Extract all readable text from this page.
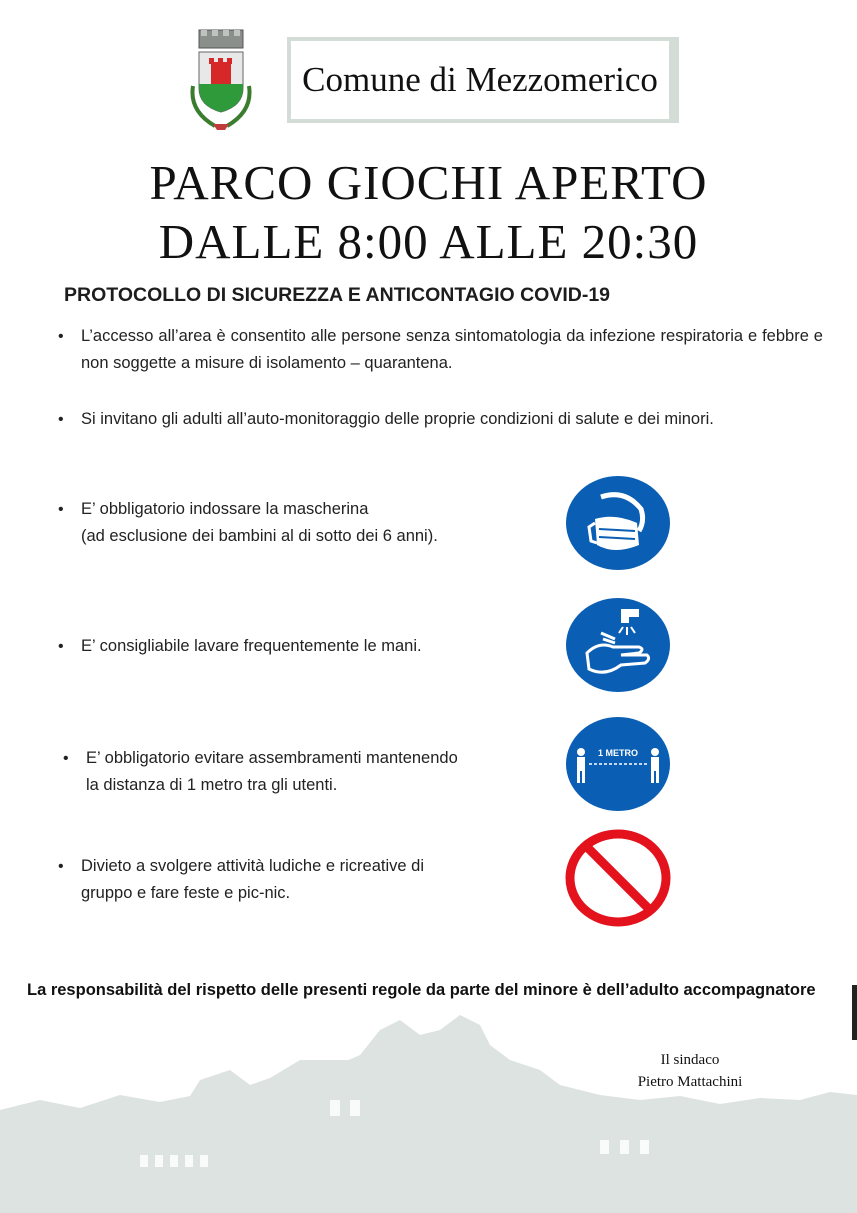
Comune di Mezzomerico
PARCO GIOCHI APERTO
DALLE 8:00 ALLE 20:30
PROTOCOLLO DI SICUREZZA E ANTICONTAGIO COVID-19
• L’accesso all’area è consentito alle persone senza sintomatologia da infezione respiratoria e febbre e non soggette a misure di isolamento – quarantena.
• Si invitano gli adulti all’auto-monitoraggio delle proprie condizioni di salute e dei minori.
• E’ obbligatorio indossare la mascherina
(ad esclusione dei bambini al di sotto dei 6 anni).
• E’ consigliabile lavare frequentemente le mani.
• E’ obbligatorio evitare assembramenti mantenendo
la distanza di 1 metro tra gli utenti.
1 METRO
• Divieto a svolgere attività ludiche e ricreative di
gruppo e fare feste e pic-nic.
La responsabilità del rispetto delle presenti regole da parte del minore è dell’adulto accompagnatore
Il sindaco
Pietro Mattachini
